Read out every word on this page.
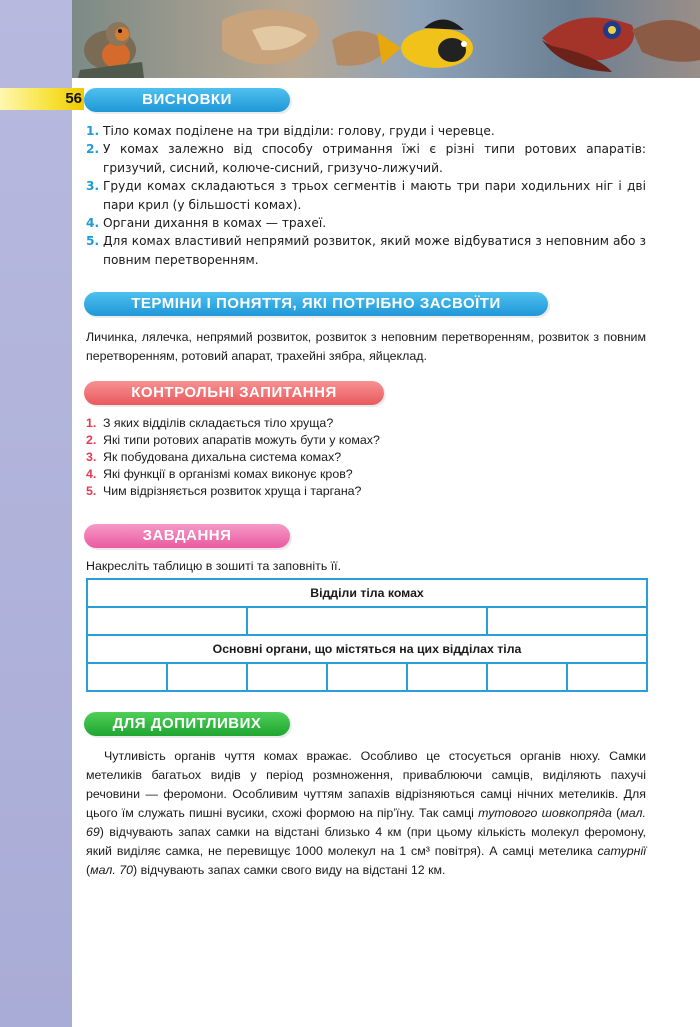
56	ВИСНОВКИ
1. Тіло комах поділене на три відділи: голову, груди і черевце.
2. У комах залежно від способу отримання їжі є різні типи ротових апаратів: гризучий, сисний, колюче-сисний, гризучо-лижучий.
3. Груди комах складаються з трьох сегментів і мають три пари ходильних ніг і дві пари крил (у більшості комах).
4. Органи дихання в комах — трахеї.
5. Для комах властивий непрямий розвиток, який може відбуватися з неповним або з повним перетворенням.
ТЕРМІНИ І ПОНЯТТЯ, ЯКІ ПОТРІБНО ЗАСВОЇТИ

Личинка, лялечка, непрямий розвиток, розвиток з неповним перетворенням, розвиток з повним перетворенням, ротовий апарат, трахейні зябра, яйцеклад.

КОНТРОЛЬНІ ЗАПИТАННЯ
1. З яких відділів складається тіло хруща?
2. Які типи ротових апаратів можуть бути у комах?
3. Як побудована дихальна система комах?
4. Які функції в організмі комах виконує кров?
5. Чим відрізняється розвиток хруща і таргана?
ЗАВДАННЯ

Накресліть таблицю в зошиті та заповніть її.

Відділи тіла комах						

Основні органи, що містяться на цих відділах тіла						

ДЛЯ ДОПИТЛИВИХ

Чутливість органів чуття комах вражає. Особливо це стосується органів нюху. Самки метеликів багатьох видів у період розмноження, приваблюючи самців, виділяють пахучі речовини — феромони. Особливим чуттям запахів відрізняються самці нічних метеликів. Для цього їм служать пишні вусики, схожі формою на пір’їну. Так самці тутового шовкопряда (мал. 69) відчувають запах самки на відстані близько 4 км (при цьому кількість молекул феромону, який виділяє самка, не перевищує 1000 молекул на 1 см³ повітря). А самці метелика сатурнії (мал. 70) відчувають запах самки свого виду на відстані 12 км.
